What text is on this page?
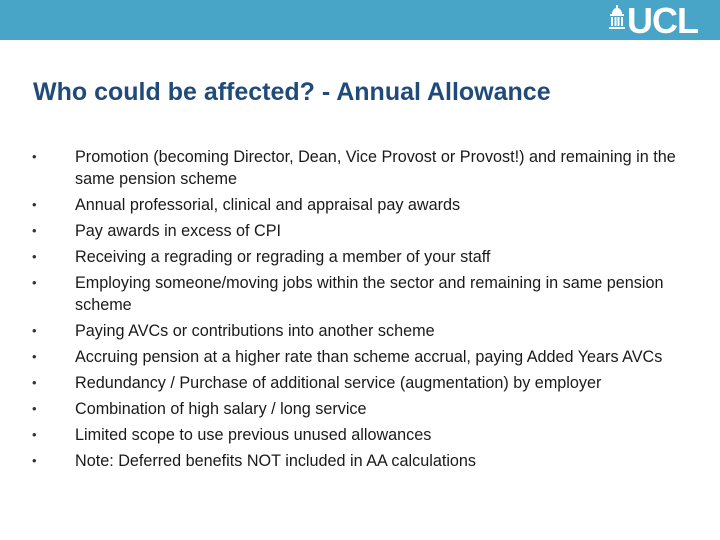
UCL
Who could be affected? - Annual Allowance
•	Promotion (becoming Director, Dean, Vice Provost or Provost!) and remaining in the same pension scheme
•	Annual professorial, clinical and appraisal pay awards
•	Pay awards in excess of CPI
•	Receiving a regrading or regrading a member of your staff
•	Employing someone/moving jobs within the sector and remaining in same pension scheme
•	Paying AVCs or contributions into another scheme
•	Accruing pension at a higher rate than scheme accrual, paying Added Years AVCs
•	Redundancy / Purchase of additional service (augmentation) by employer
•	Combination of high salary / long service
•	Limited scope to use previous unused allowances
•	Note: Deferred benefits NOT included in AA calculations
